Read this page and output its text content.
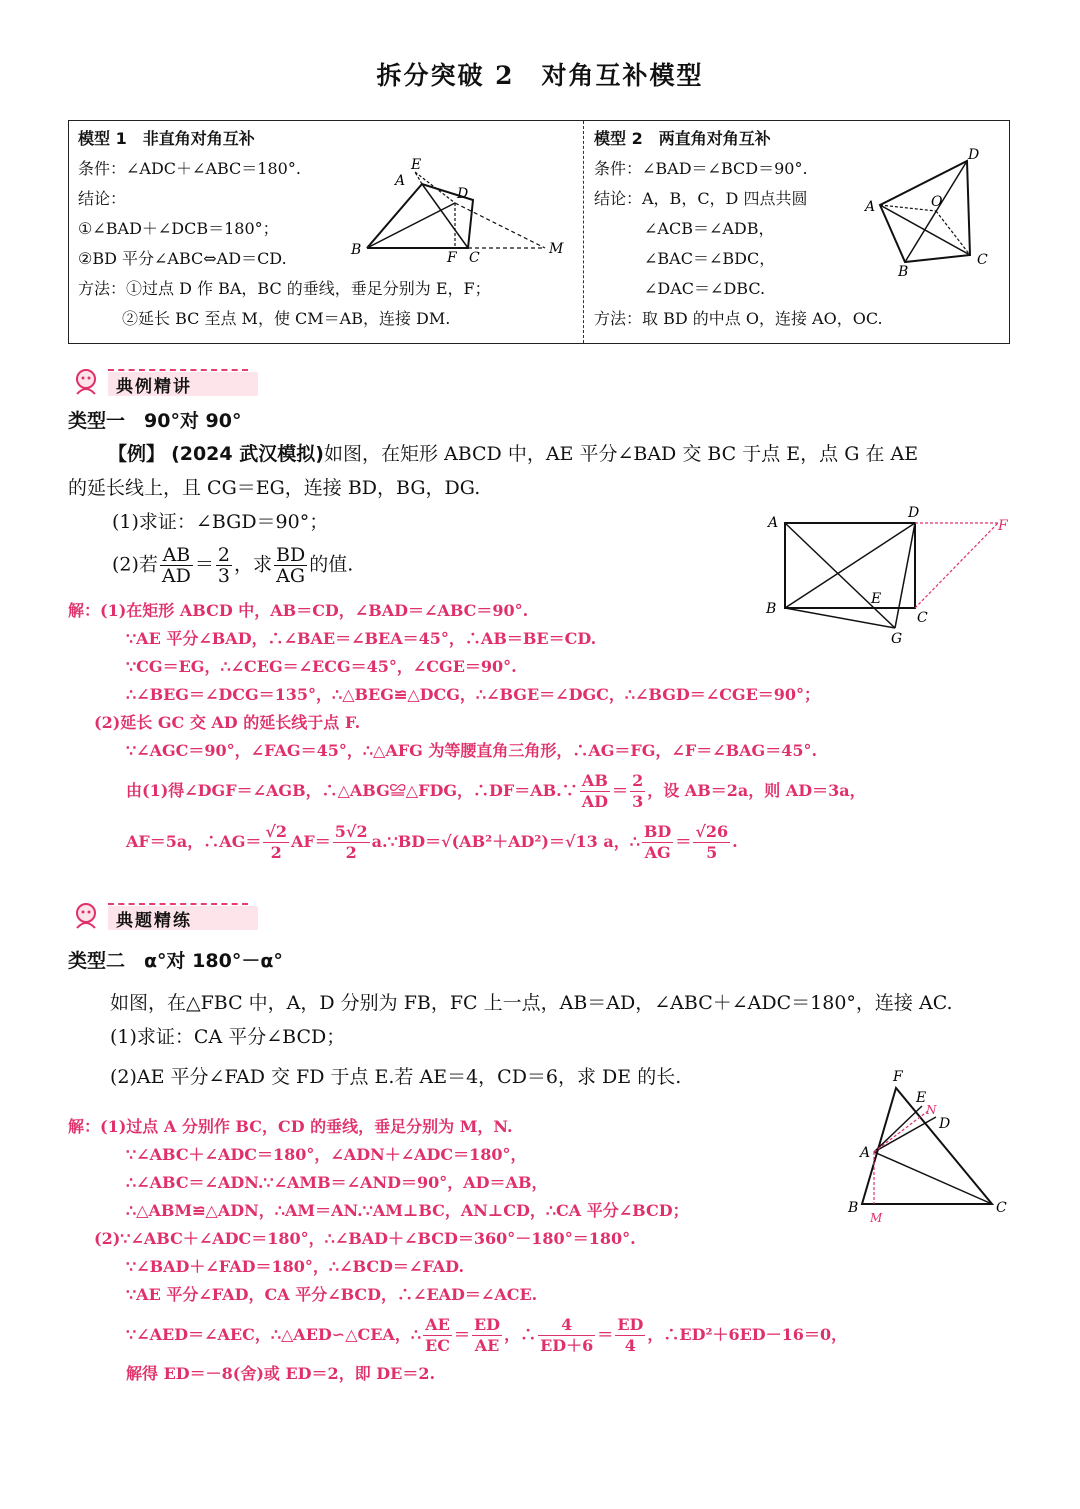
拆分突破 2　对角互补模型
模型 1　非直角对角互补
条件：∠ADC＋∠ABC＝180°.
结论：
①∠BAD＋∠DCB＝180°；
②BD 平分∠ABC⇔AD＝CD.
方法：①过点 D 作 BA，BC 的垂线，垂足分别为 E，F；
②延长 BC 至点 M，使 CM＝AB，连接 DM.
E
A
D
B	F C
M
模型 2　两直角对角互补
条件：∠BAD＝∠BCD＝90°.
结论：A，B，C，D 四点共圆
∠ACB＝∠ADB，
∠BAC＝∠BDC，
∠DAC＝∠DBC.
方法：取 BD 的中点 O，连接 AO，OC.
D
A	O
B
C
典例精讲
类型一　90°对 90°
【例】 (2024 武汉模拟)如图，在矩形 ABCD 中，AE 平分∠BAD 交 BC 于点 E，点 G 在 AE
的延长线上，且 CG＝EG，连接 BD，BG，DG.
(1)求证：∠BGD＝90°；
(2)若 $\frac{AB}{AD} = \frac{2}{3}$ ，求 $\frac{BD}{AG}$ 的值.
A
D
F
B
E
C
G
解：(1)在矩形 ABCD 中，AB＝CD，∠BAD＝∠ABC＝90°.
∵AE 平分∠BAD，∴∠BAE＝∠BEA＝45°，∴AB＝BE＝CD.
∵CG＝EG，∴∠CEG＝∠ECG＝45°，∠CGE＝90°.
∴∠BEG＝∠DCG＝135°，∴△BEG≌△DCG，∴∠BGE＝∠DGC，∴∠BGD＝∠CGE＝90°；
(2)延长 GC 交 AD 的延长线于点 F.
∵∠AGC＝90°，∠FAG＝45°，∴△AFG 为等腰直角三角形，∴AG＝FG，∠F＝∠BAG＝45°.
由(1)得∠DGF＝∠AGB，∴△ABG≌△FDG，∴DF＝AB.∵ $\frac{AB}{AD} = \frac{2}{3}$ ，设 AB＝2a，则 AD＝3a，
AF＝5a，∴AG＝ $\frac{√2}{2} AF= \frac{5√2}{2}$ a.∵BD＝√(AB²＋AD²)＝√13 a，∴ $\frac{BD}{AG} = \frac{√26}{5}$ .
典题精练
类型二　α°对 180°－α°
如图，在△FBC 中，A，D 分别为 FB，FC 上一点，AB＝AD，∠ABC＋∠ADC＝180°，连接 AC.
(1)求证：CA 平分∠BCD；
(2)AE 平分∠FAD 交 FD 于点 E.若 AE＝4，CD＝6，求 DE 的长.	F
E
N
D
A
B
M
C
解：(1)过点 A 分别作 BC，CD 的垂线，垂足分别为 M，N.
∵∠ABC＋∠ADC＝180°，∠ADN＋∠ADC＝180°，
∴∠ABC＝∠ADN.∵∠AMB＝∠AND＝90°，AD＝AB，
∴△ABM≌△ADN，∴AM＝AN.∵AM⊥BC，AN⊥CD，∴CA 平分∠BCD；
(2)∵∠ABC＋∠ADC＝180°，∴∠BAD＋∠BCD＝360°－180°＝180°.
∵∠BAD＋∠FAD＝180°，∴∠BCD＝∠FAD.
∵AE 平分∠FAD，CA 平分∠BCD，∴∠EAD＝∠ACE.
∵∠AED＝∠AEC，∴△AED∽△CEA，∴ $\frac{AE}{EC} = \frac{ED}{AE}$ ，∴ $\frac{4}{ED+6} = \frac{ED}{4}$ ，∴ED²＋6ED－16＝0，
解得 ED＝－8(舍)或 ED＝2，即 DE＝2.
